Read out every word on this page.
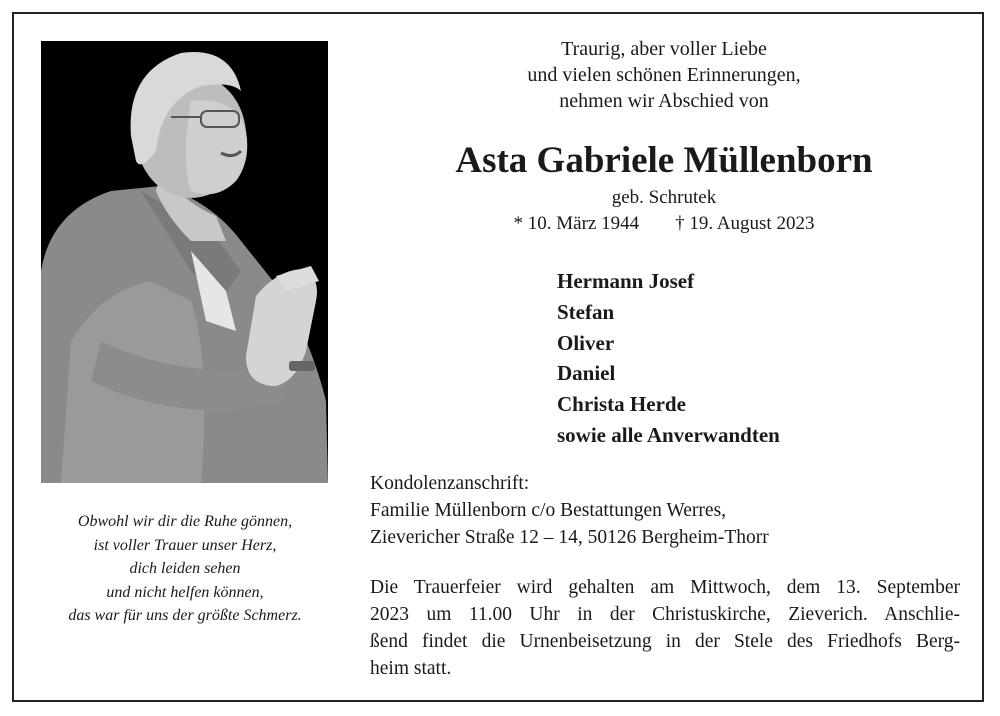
Obwohl wir dir die Ruhe gönnen,
ist voller Trauer unser Herz,
dich leiden sehen
und nicht helfen können,
das war für uns der größte Schmerz.
Traurig, aber voller Liebe
und vielen schönen Erinnerungen,
nehmen wir Abschied von
Asta Gabriele Müllenborn
geb. Schrutek
* 10. März 1944 † 19. August 2023
Hermann Josef
Stefan
Oliver
Daniel
Christa Herde
sowie alle Anverwandten
Kondolenzanschrift:
Familie Müllenborn c/o Bestattungen Werres,
Zievericher Straße 12 – 14, 50126 Bergheim-Thorr
Die Trauerfeier wird gehalten am Mittwoch, dem 13. September
2023 um 11.00 Uhr in der Christuskirche, Zieverich. Anschlie-
ßend findet die Urnenbeisetzung in der Stele des Friedhofs Berg-
heim statt.
